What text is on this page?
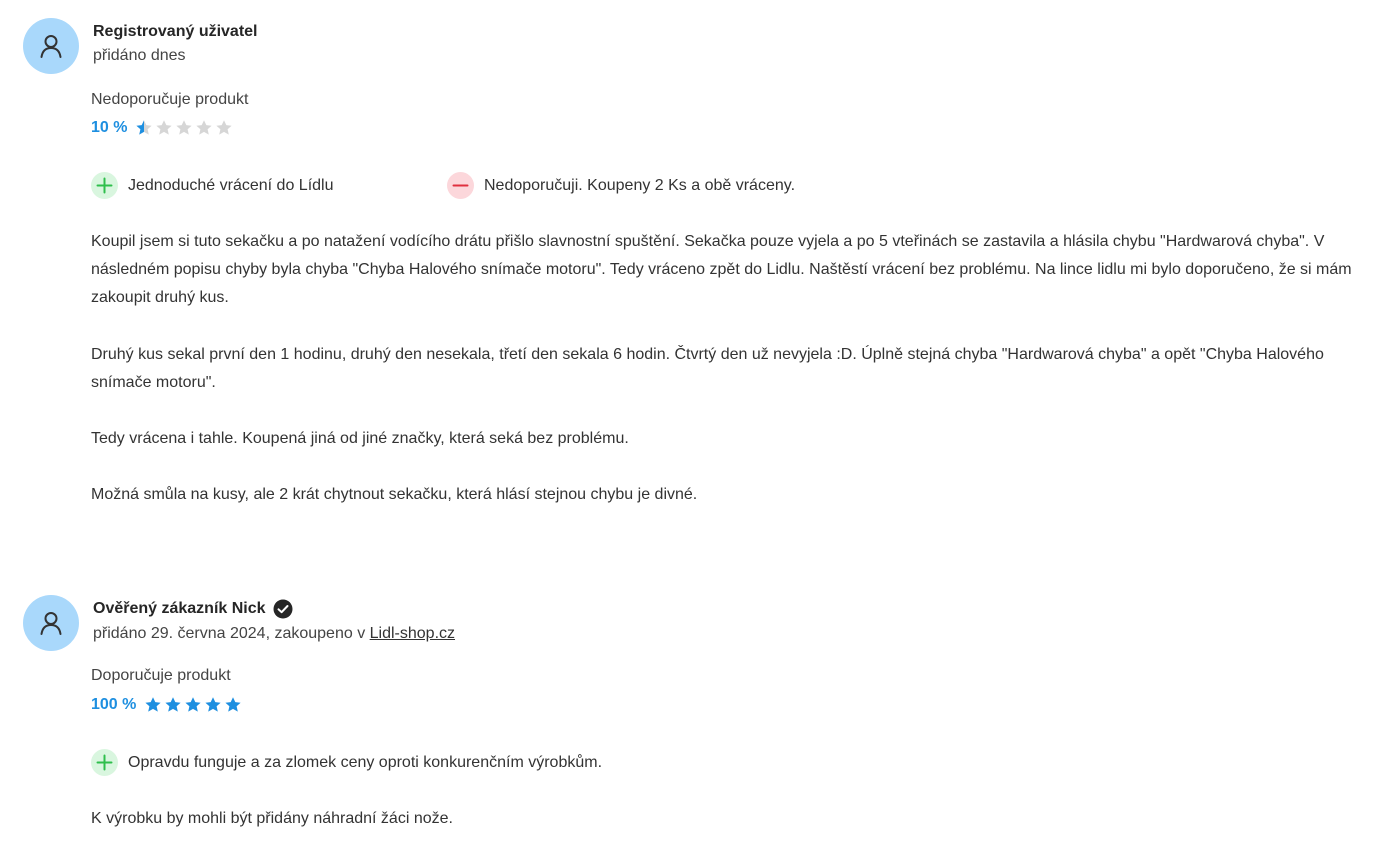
Registrovaný uživatel
přidáno dnes
Nedoporučuje produkt
10 %
Jednoduché vrácení do Lídlu	Nedoporučuji. Koupeny 2 Ks a obě vráceny.

Koupil jsem si tuto sekačku a po natažení vodícího drátu přišlo slavnostní spuštění. Sekačka pouze vyjela a po 5 vteřinách se zastavila a hlásila chybu "Hardwarová chyba". V následném popisu chyby byla chyba "Chyba Halového snímače motoru". Tedy vráceno zpět do Lidlu. Naštěstí vrácení bez problému. Na lince lidlu mi bylo doporučeno, že si mám zakoupit druhý kus.

Druhý kus sekal první den 1 hodinu, druhý den nesekala, třetí den sekala 6 hodin. Čtvrtý den už nevyjela :D. Úplně stejná chyba "Hardwarová chyba" a opět "Chyba Halového snímače motoru".

Tedy vrácena i tahle. Koupená jiná od jiné značky, která seká bez problému.

Možná smůla na kusy, ale 2 krát chytnout sekačku, která hlásí stejnou chybu je divné.

Ověřený zákazník Nick
přidáno 29. června 2024, zakoupeno v Lidl-shop.cz
Doporučuje produkt
100 %
Opravdu funguje a za zlomek ceny oproti konkurenčním výrobkům.

K výrobku by mohli být přidány náhradní žáci nože.
